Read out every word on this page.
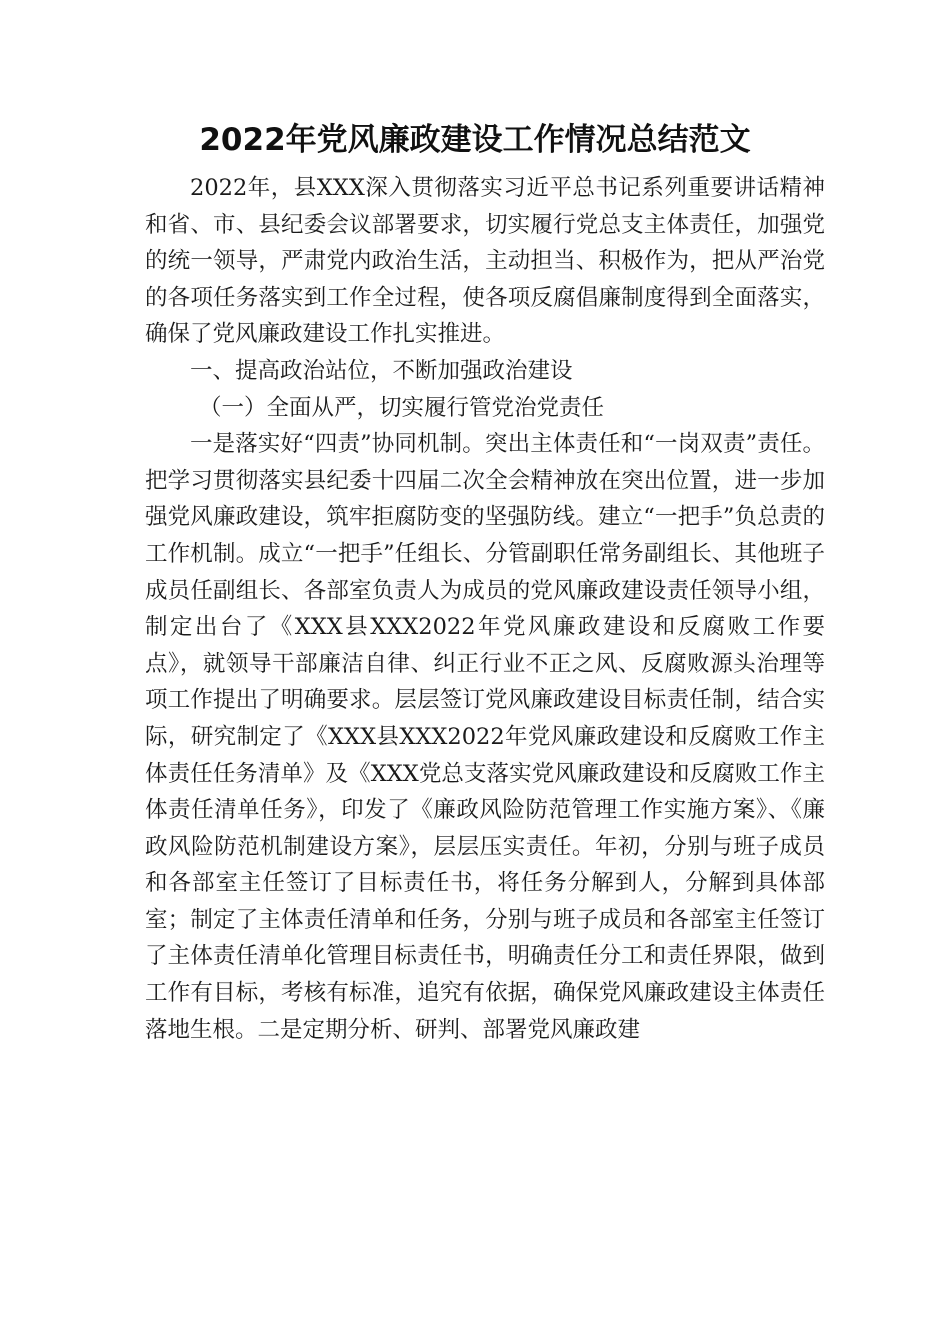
2022年党风廉政建设工作情况总结范文

2022年，县XXX深入贯彻落实习近平总书记系列重要讲话精神和省、市、县纪委会议部署要求，切实履行党总支主体责任，加强党的统一领导，严肃党内政治生活，主动担当、积极作为，把从严治党的各项任务落实到工作全过程，使各项反腐倡廉制度得到全面落实，确保了党风廉政建设工作扎实推进。

一、提高政治站位，不断加强政治建设

（一）全面从严，切实履行管党治党责任

一是落实好“四责”协同机制。突出主体责任和“一岗双责”责任。把学习贯彻落实县纪委十四届二次全会精神放在突出位置，进一步加强党风廉政建设，筑牢拒腐防变的坚强防线。建立“一把手”负总责的工作机制。成立“一把手”任组长、分管副职任常务副组长、其他班子成员任副组长、各部室负责人为成员的党风廉政建设责任领导小组，制定出台了《XXX县XXX2022年党风廉政建设和反腐败工作要点》，就领导干部廉洁自律、纠正行业不正之风、反腐败源头治理等项工作提出了明确要求。层层签订党风廉政建设目标责任制，结合实际，研究制定了《XXX县XXX2022年党风廉政建设和反腐败工作主体责任任务清单》及《XXX党总支落实党风廉政建设和反腐败工作主体责任清单任务》，印发了《廉政风险防范管理工作实施方案》、《廉政风险防范机制建设方案》，层层压实责任。年初，分别与班子成员和各部室主任签订了目标责任书，将任务分解到人，分解到具体部室；制定了主体责任清单和任务，分别与班子成员和各部室主任签订了主体责任清单化管理目标责任书，明确责任分工和责任界限，做到工作有目标，考核有标准，追究有依据，确保党风廉政建设主体责任落地生根。二是定期分析、研判、部署党风廉政建
